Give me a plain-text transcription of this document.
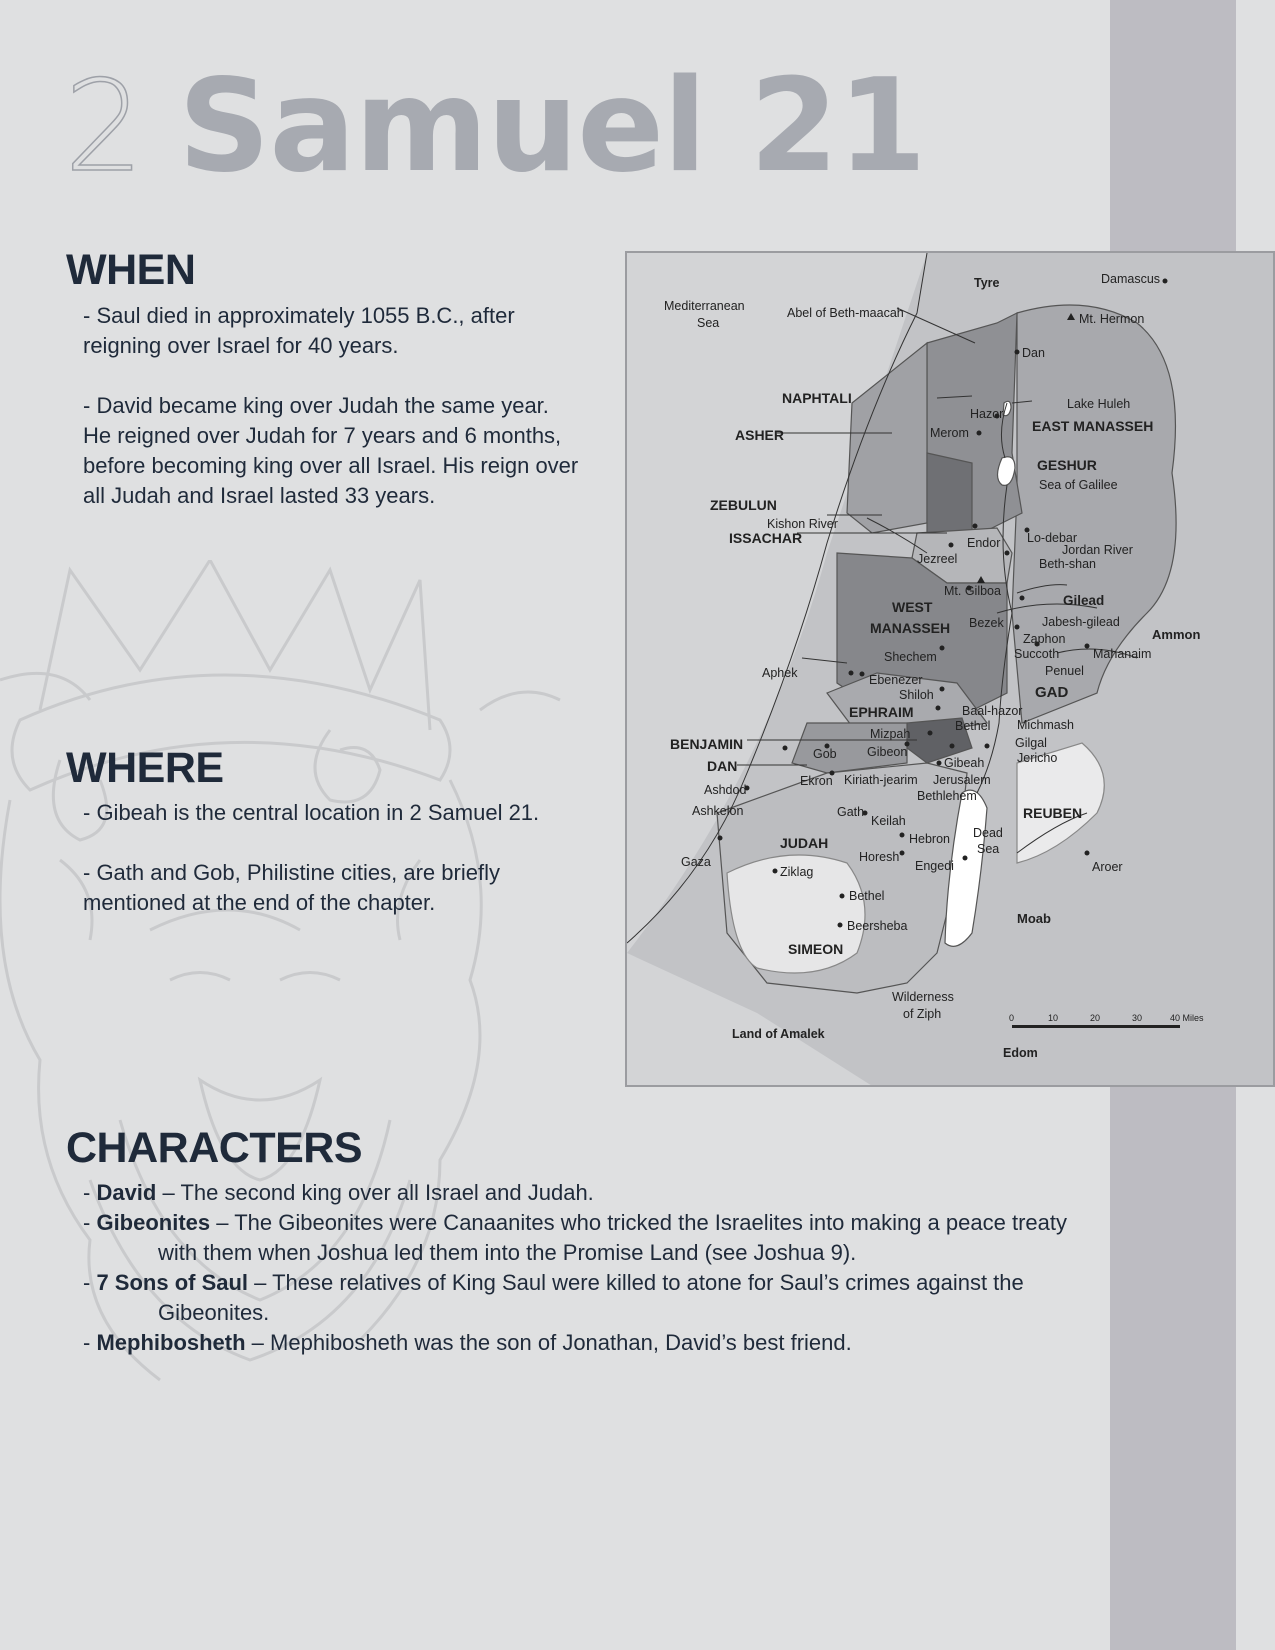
2 Samuel 21
WHEN

- Saul died in approximately 1055 B.C., after

reigning over Israel for 40 years.

- David became king over Judah the same year.

He reigned over Judah for 7 years and 6 months, before becoming king over all Israel. His reign over all Judah and Israel lasted 33 years.

WHERE

- Gibeah is the central location in 2 Samuel 21.

- Gath and Gob, Philistine cities, are briefly

mentioned at the end of the chapter.

Mediterranean
Sea
Tyre	Damascus
Mt. Hermon
Abel of Beth-maacah
Dan
NAPHTALI
Hazor
Lake Huleh
ASHER	Merom	EAST MANASSEH
GESHUR
Sea of Galilee
ZEBULUN
Kishon River
ISSACHAR	Endor Lo-debar
Jordan River
Jezreel	Beth-shan
Mt. Gilboa
Gilead
WEST
MANASSEH Bezek	Jabesh-gilead
Ammon
Zaphon
Succoth	Mahanaim
Shechem
Penuel
Aphek	Ebenezer
GAD
Shiloh
EPHRAIM	Baal-hazor
Bethel Michmash
Mizpah
BENJAMIN	Gilgal
Gob Gibeon	Jericho
Gibeah
DAN
Ekron Kiriath-jearim Jerusalem
Ashdod
Gath
Bethlehem
REUBEN
Ashkelon
Keilah
Dead
Sea
JUDAH	Hebron
Gaza	Horesh
Engedi	Aroer
Ziklag
Bethel
Moab
Beersheba
SIMEON
Wilderness
of Ziph
Land of Amalek
Edom
0	10	20	30	40 Miles
CHARACTERS
- David – The second king over all Israel and Judah.
- Gibeonites – The Gibeonites were Canaanites who tricked the Israelites into making a peace treaty
with them when Joshua led them into the Promise Land (see Joshua 9).
- 7 Sons of Saul – These relatives of King Saul were killed to atone for Saul’s crimes against the
Gibeonites.
- Mephibosheth – Mephibosheth was the son of Jonathan, David’s best friend.
